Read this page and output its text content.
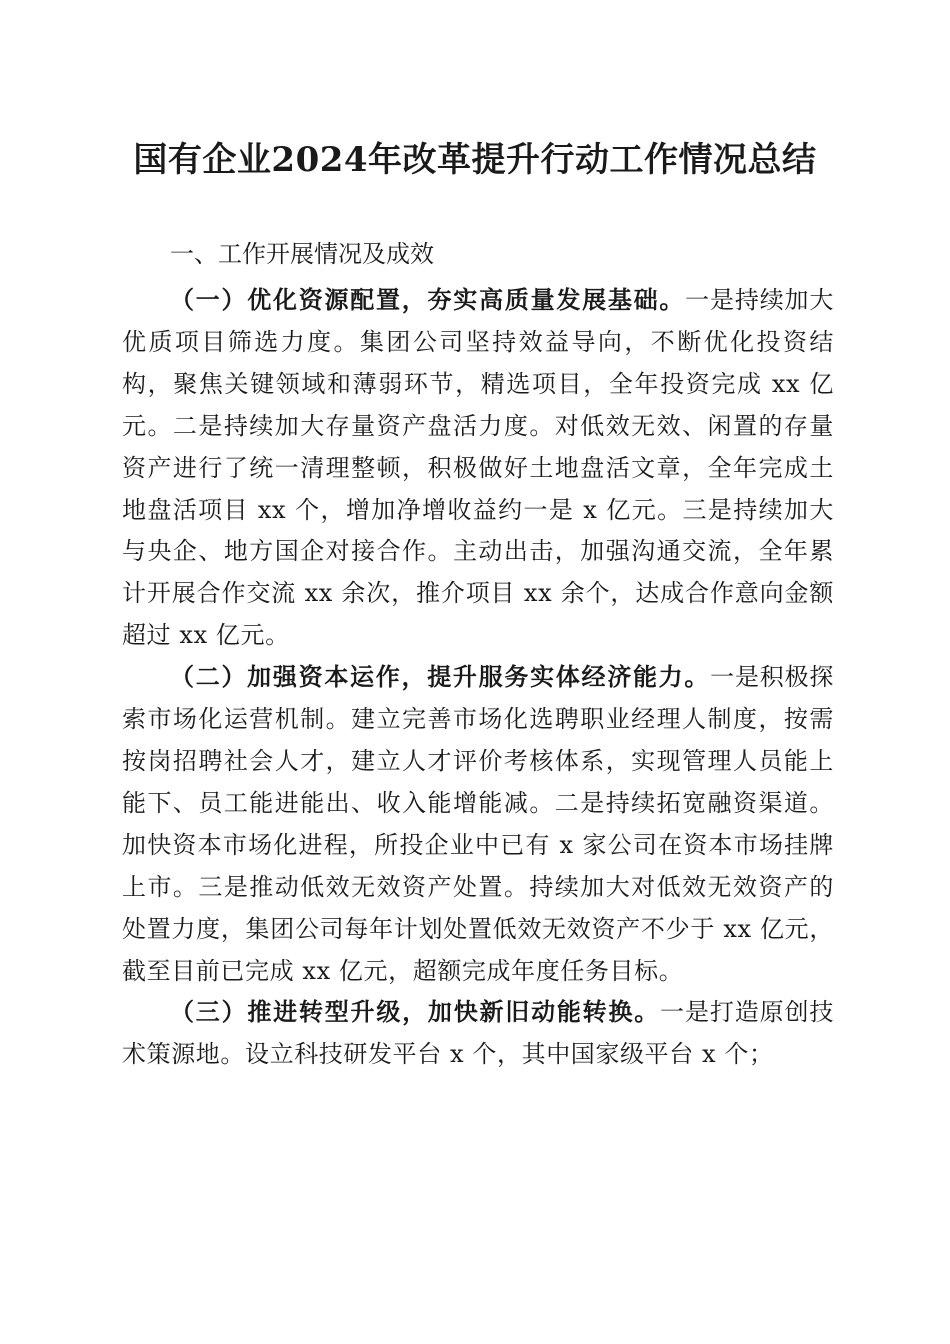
国有企业2024年改革提升行动工作情况总结
一、工作开展情况及成效

（一）优化资源配置，夯实高质量发展基础。一是持续加大优质项目筛选力度。集团公司坚持效益导向，不断优化投资结构，聚焦关键领域和薄弱环节，精选项目，全年投资完成 xx 亿元。二是持续加大存量资产盘活力度。对低效无效、闲置的存量资产进行了统一清理整顿，积极做好土地盘活文章，全年完成土地盘活项目 xx 个，增加净增收益约一是 x 亿元。三是持续加大与央企、地方国企对接合作。主动出击，加强沟通交流，全年累计开展合作交流 xx 余次，推介项目 xx 余个，达成合作意向金额超过 xx 亿元。

（二）加强资本运作，提升服务实体经济能力。一是积极探索市场化运营机制。建立完善市场化选聘职业经理人制度，按需按岗招聘社会人才，建立人才评价考核体系，实现管理人员能上能下、员工能进能出、收入能增能减。二是持续拓宽融资渠道。加快资本市场化进程，所投企业中已有 x 家公司在资本市场挂牌上市。三是推动低效无效资产处置。持续加大对低效无效资产的处置力度，集团公司每年计划处置低效无效资产不少于 xx 亿元，截至目前已完成 xx 亿元，超额完成年度任务目标。

（三）推进转型升级，加快新旧动能转换。一是打造原创技术策源地。设立科技研发平台 x 个，其中国家级平台 x 个；
